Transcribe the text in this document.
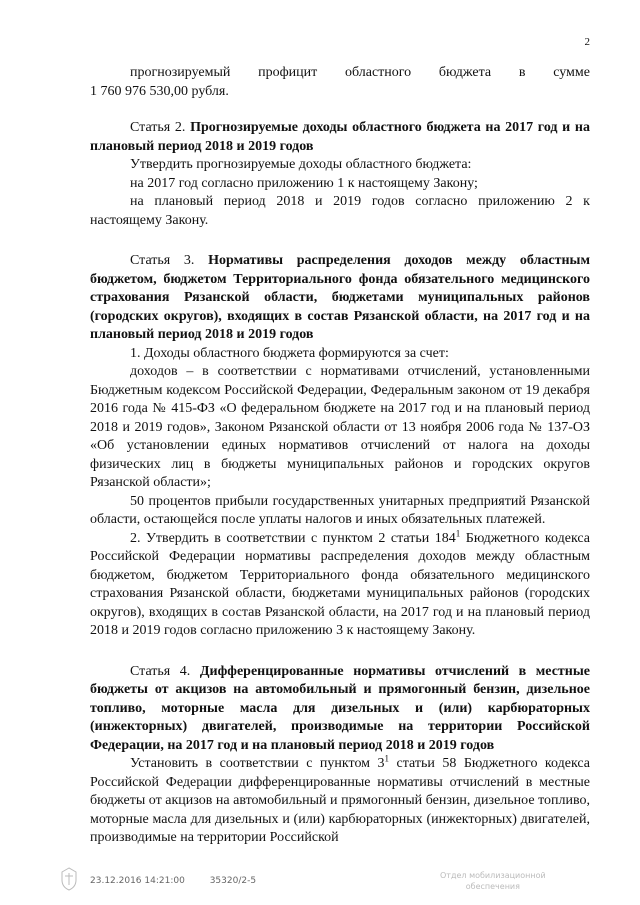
2

прогнозируемый профицит областного бюджета в сумме

1 760 976 530,00 рубля.

Статья 2. Прогнозируемые доходы областного бюджета на 2017 год и на плановый период 2018 и 2019 годов

Утвердить прогнозируемые доходы областного бюджета:

на 2017 год согласно приложению 1 к настоящему Закону;

на плановый период 2018 и 2019 годов согласно приложению 2 к настоящему Закону.

Статья 3. Нормативы распределения доходов между областным бюджетом, бюджетом Территориального фонда обязательного медицинского страхования Рязанской области, бюджетами муниципальных районов (городских округов), входящих в состав Рязанской области, на 2017 год и на плановый период 2018 и 2019 годов

1. Доходы областного бюджета формируются за счет:

доходов – в соответствии с нормативами отчислений, установленными Бюджетным кодексом Российской Федерации, Федеральным законом от 19 декабря 2016 года № 415-ФЗ «О федеральном бюджете на 2017 год и на плановый период 2018 и 2019 годов», Законом Рязанской области от 13 ноября 2006 года № 137-ОЗ «Об установлении единых нормативов отчислений от налога на доходы физических лиц в бюджеты муниципальных районов и городских округов Рязанской области»;

50 процентов прибыли государственных унитарных предприятий Рязанской области, остающейся после уплаты налогов и иных обязательных платежей.

2. Утвердить в соответствии с пунктом 2 статьи $184^1$ Бюджетного кодекса Российской Федерации нормативы распределения доходов между областным бюджетом, бюджетом Территориального фонда обязательного медицинского страхования Рязанской области, бюджетами муниципальных районов (городских округов), входящих в состав Рязанской области, на 2017 год и на плановый период 2018 и 2019 годов согласно приложению 3 к настоящему Закону.

Статья 4. Дифференцированные нормативы отчислений в местные бюджеты от акцизов на автомобильный и прямогонный бензин, дизельное топливо, моторные масла для дизельных и (или) карбюраторных (инжекторных) двигателей, производимые на территории Российской Федерации, на 2017 год и на плановый период 2018 и 2019 годов

Установить в соответствии с пунктом $3^1$ статьи 58 Бюджетного кодекса Российской Федерации дифференцированные нормативы отчислений в местные бюджеты от акцизов на автомобильный и прямогонный бензин, дизельное топливо, моторные масла для дизельных и (или) карбюраторных (инжекторных) двигателей, производимые на территории Российской

23.12.2016 14:21:00	35320/2-5
Отдел мобилизационной
обеспечения
